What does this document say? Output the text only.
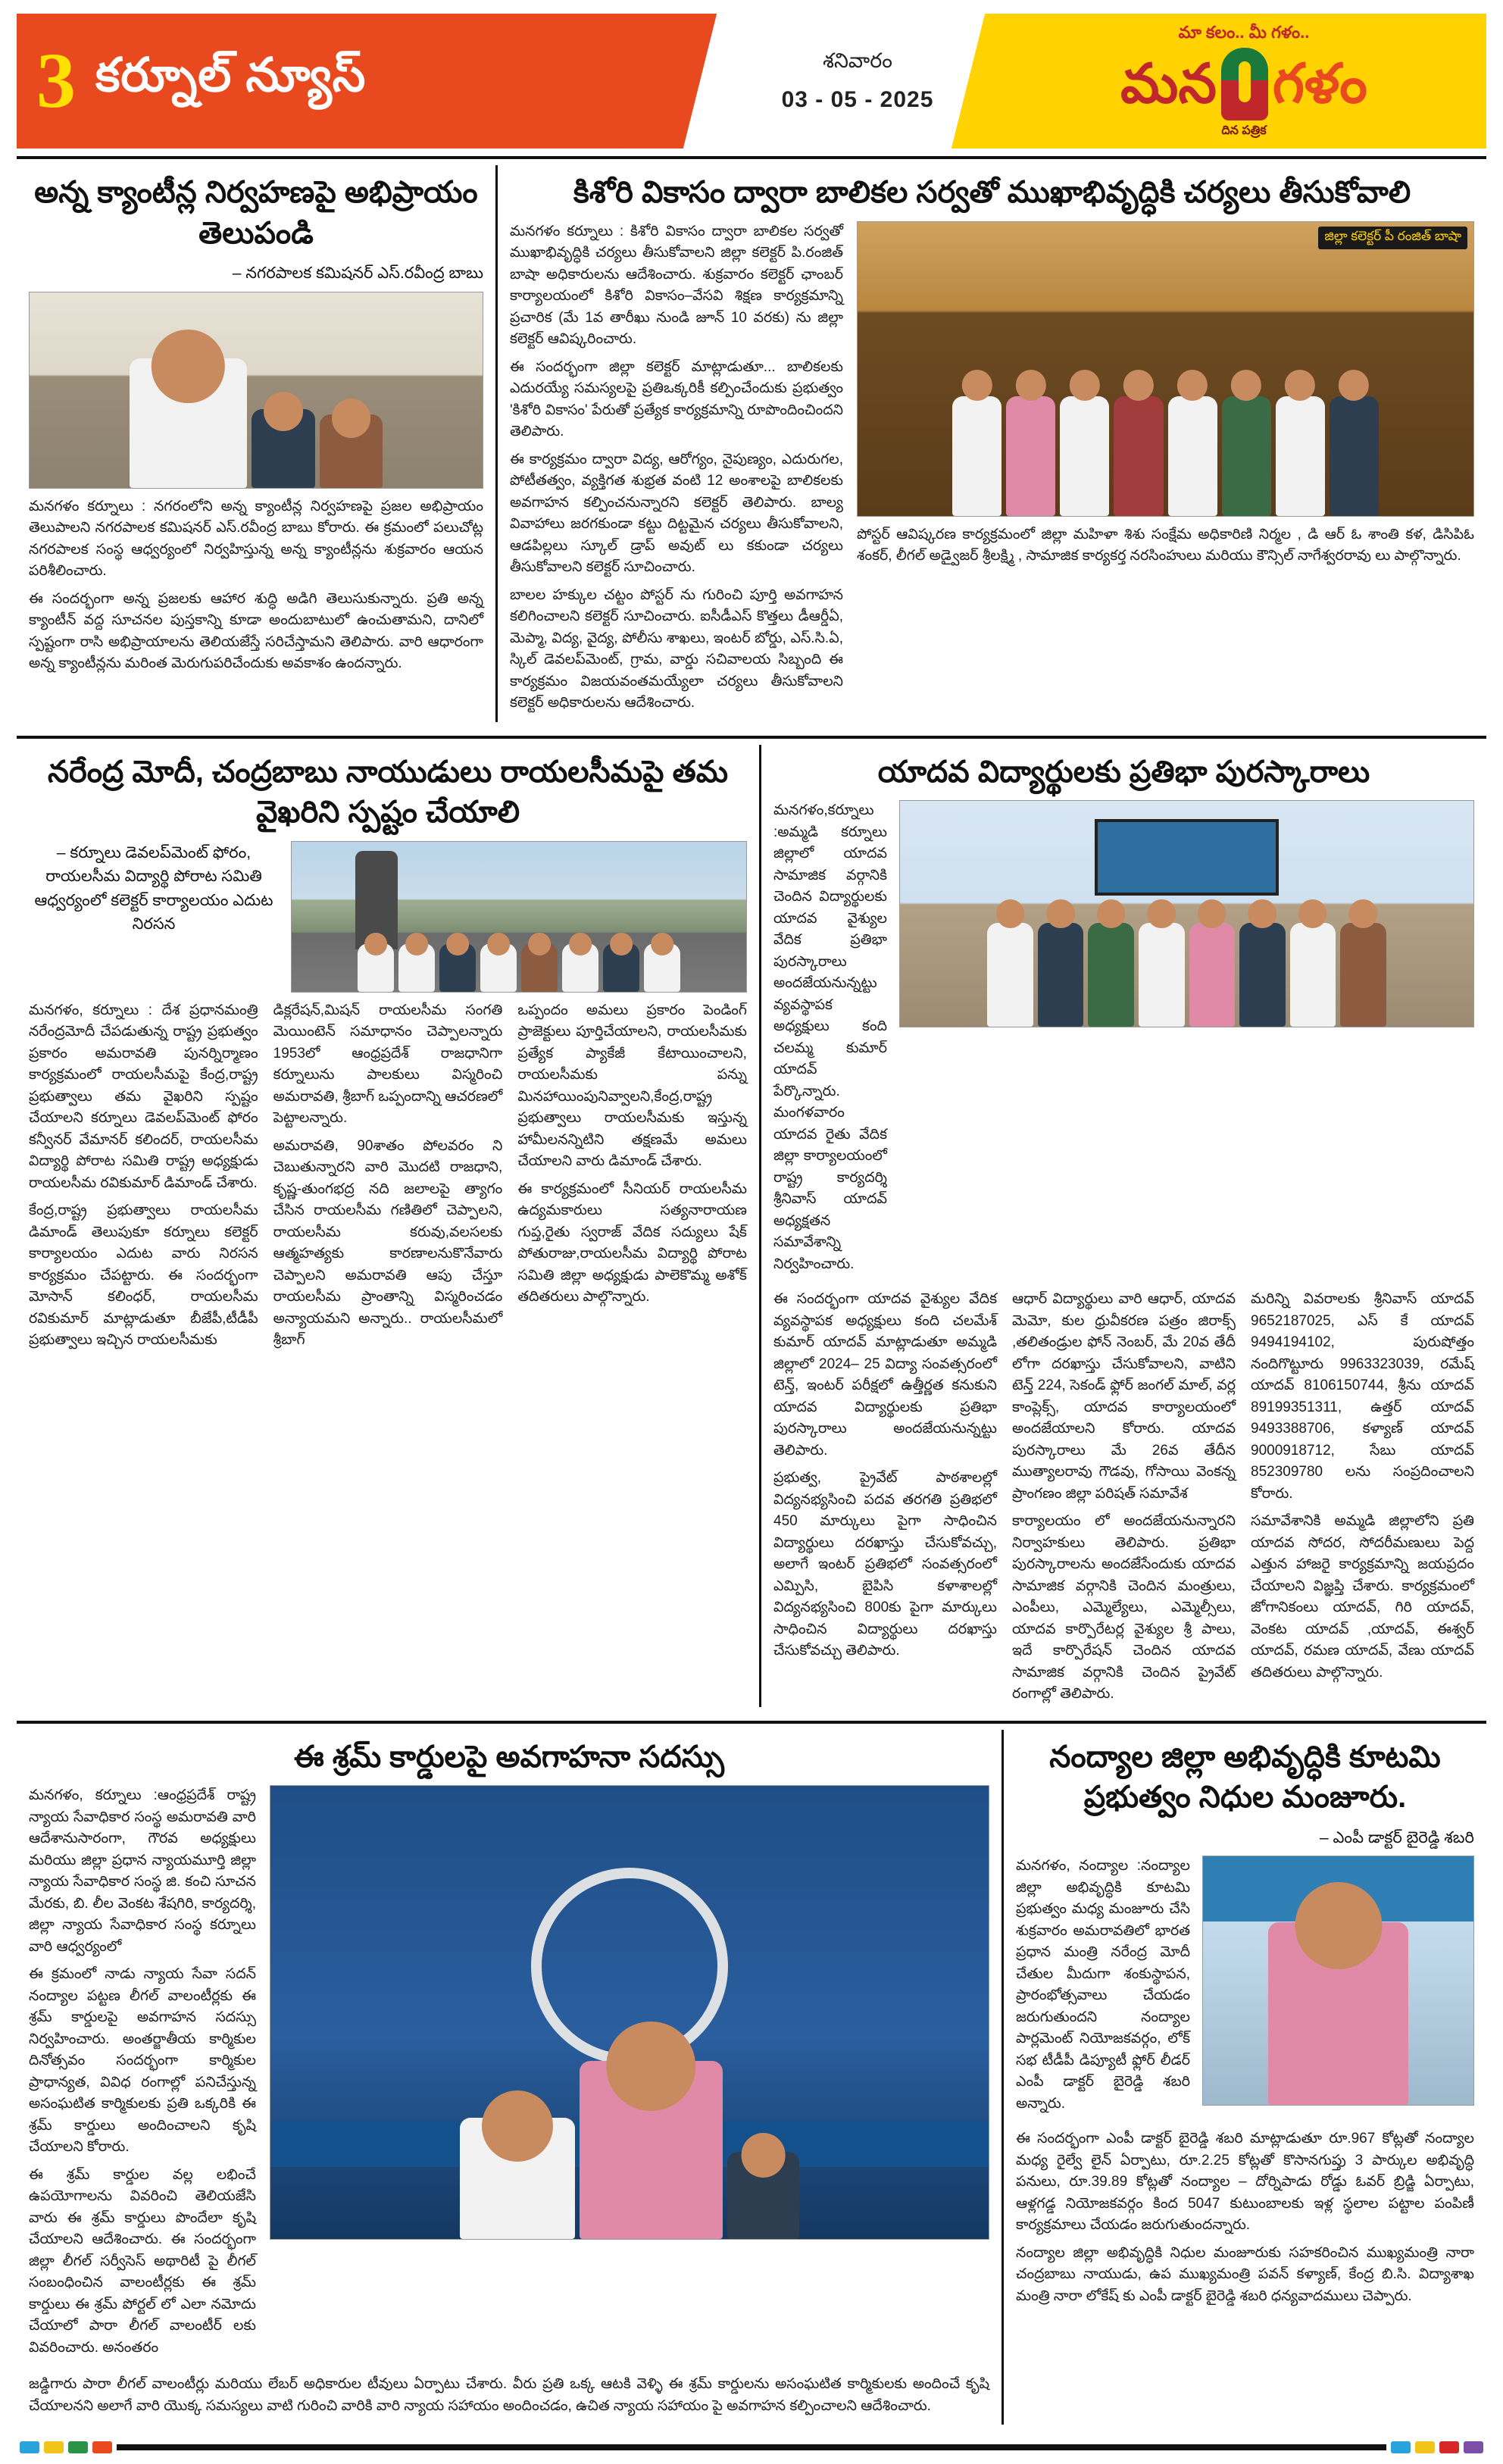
3 కర్నూల్ న్యూస్	శనివారం
03 - 05 - 2025
మా కలం.. మీ గళం..
మన గళం
దిన పత్రిక
అన్న క్యాంటీన్ల నిర్వహణపై అభిప్రాయం తెలుపండి
– నగరపాలక కమిషనర్ ఎస్.రవీంద్ర బాబు

మనగళం కర్నూలు : నగరంలోని అన్న క్యాంటీన్ల నిర్వహణపై ప్రజల అభిప్రాయం తెలుపాలని నగరపాలక కమిషనర్ ఎస్.రవీంద్ర బాబు కోరారు. ఈ క్రమంలో పలుచోట్ల నగరపాలక సంస్థ ఆధ్వర్యంలో నిర్వహిస్తున్న అన్న క్యాంటీన్లను శుక్రవారం ఆయన పరిశీలించారు.

ఈ సందర్భంగా అన్న ప్రజలకు ఆహార శుద్ధి అడిగి తెలుసుకున్నారు. ప్రతి అన్న క్యాంటీన్ వద్ద సూచనల పుస్తకాన్ని కూడా అందుబాటులో ఉంచుతామని, దానిలో స్పష్టంగా రాసి అభిప్రాయాలను తెలియజేస్తే సరిచేస్తామని తెలిపారు. వారి ఆధారంగా అన్న క్యాంటీన్లను మరింత మెరుగుపరిచేందుకు అవకాశం ఉందన్నారు.

కిశోరి వికాసం ద్వారా బాలికల సర్వతో ముఖాభివృద్ధికి చర్యలు తీసుకోవాలి

మనగళం కర్నూలు : కిశోరి వికాసం ద్వారా బాలికల సర్వతో ముఖాభివృద్ధికి చర్యలు తీసుకోవాలని జిల్లా కలెక్టర్ పి.రంజిత్ బాషా అధికారులను ఆదేశించారు. శుక్రవారం కలెక్టర్ ఛాంబర్ కార్యాలయంలో కిశోరి వికాసం–వేసవి శిక్షణ కార్యక్రమాన్ని ప్రచారిక (మే 1వ తారీఖు నుండి జూన్ 10 వరకు) ను జిల్లా కలెక్టర్ ఆవిష్కరించారు.

ఈ సందర్భంగా జిల్లా కలెక్టర్ మాట్లాడుతూ... బాలికలకు ఎదురయ్యే సమస్యలపై ప్రతిఒక్కరికీ కల్పించేందుకు ప్రభుత్వం 'కిశోరి వికాసం' పేరుతో ప్రత్యేక కార్యక్రమాన్ని రూపొందించిందని తెలిపారు.

ఈ కార్యక్రమం ద్వారా విద్య, ఆరోగ్యం, నైపుణ్యం, ఎదురుగల, పోటీతత్వం, వ్యక్తిగత శుభ్రత వంటి 12 అంశాలపై బాలికలకు అవగాహన కల్పించనున్నారని కలెక్టర్ తెలిపారు. బాల్య వివాహాలు జరగకుండా కట్టు దిట్టమైన చర్యలు తీసుకోవాలని, ఆడపిల్లలు స్కూల్ డ్రాప్ అవుట్ లు కకుండా చర్యలు తీసుకోవాలని కలెక్టర్ సూచించారు.

బాలల హక్కుల చట్టం పోస్టర్ ను గురించి పూర్తి అవగాహన కలిగించాలని కలెక్టర్ సూచించారు. ఐసీడీఎస్ కొత్తలు డీఆర్డీఏ, మెప్మా, విద్య, వైద్య, పోలీసు శాఖలు, ఇంటర్ బోర్డు, ఎస్.సి.ఏ, స్కిల్ డెవలప్‌మెంట్, గ్రామ, వార్డు సచివాలయ సిబ్బంది ఈ కార్యక్రమం విజయవంతమయ్యేలా చర్యలు తీసుకోవాలని కలెక్టర్ అధికారులను ఆదేశించారు.

జిల్లా కలెక్టర్ పీ రంజిత్ బాషా

పోస్టర్ ఆవిష్కరణ కార్యక్రమంలో జిల్లా మహిళా శిశు సంక్షేమ అధికారిణి నిర్మల , డి ఆర్ ఓ శాంతి కళ, డిసిపిఓ శంకర్, లీగల్ అడ్వైజర్ శ్రీలక్ష్మి , సామాజిక కార్యకర్త నరసింహులు మరియు కౌన్సిల్ నాగేశ్వరరావు లు పాల్గొన్నారు.

నరేంద్ర మోదీ, చంద్రబాబు నాయుడులు రాయలసీమపై తమ వైఖరిని స్పష్టం చేయాలి
– కర్నూలు డెవలప్‌మెంట్ ఫోరం, రాయలసీమ విద్యార్థి పోరాట సమితి ఆధ్వర్యంలో కలెక్టర్ కార్యాలయం ఎదుట నిరసన

మనగళం, కర్నూలు : దేశ ప్రధానమంత్రి నరేంద్రమోదీ చేపడుతున్న రాష్ట్ర ప్రభుత్వం ప్రకారం అమరావతి పునర్నిర్మాణం కార్యక్రమంలో రాయలసీమపై కేంద్ర,రాష్ట్ర ప్రభుత్వాలు తమ వైఖరిని స్పష్టం చేయాలని కర్నూలు డెవలప్‌మెంట్ ఫోరం కన్వీనర్ వేమానర్ కలిందర్, రాయలసీమ విద్యార్థి పోరాట సమితి రాష్ట్ర అధ్యక్షుడు రాయలసీమ రవికుమార్ డిమాండ్ చేశారు.

కేంద్ర,రాష్ట్ర ప్రభుత్వాలు రాయలసీమ డిమాండ్ తెలుపుకూ కర్నూలు కలెక్టర్ కార్యాలయం ఎదుట వారు నిరసన కార్యక్రమం చేపట్టారు. ఈ సందర్భంగా మోసాన్ కలింధర్, రాయలసీమ రవికుమార్ మాట్లాడుతూ బీజేపీ,టీడీపీ ప్రభుత్వాలు ఇచ్చిన రాయలసీమకు

డిక్లరేషన్,మిషన్ రాయలసీమ సంగతి మెయింటెన్ సమాధానం చెప్పాలన్నారు 1953లో ఆంధ్రప్రదేశ్ రాజధానిగా కర్నూలును పాలకులు విస్మరించి అమరావతి, శ్రీబాగ్ ఒప్పందాన్ని ఆచరణలో పెట్టాలన్నారు.

అమరావతి, 90శాతం పోలవరం ని చెబుతున్నారని వారి మొదటి రాజధాని, కృష్ణ-తుంగభద్ర నది జలాలపై త్యాగం చేసిన రాయలసీమ గణితిలో చెప్పాలని, రాయలసీమ కరువు,వలసలకు ఆత్మహత్యకు కారణాలనుకొనేవారు చెప్పాలని అమరావతి ఆపు చేస్తూ రాయలసీమ ప్రాంతాన్ని విస్మరించడం అన్యాయమని అన్నారు.. రాయలసీమలో శ్రీబాగ్

ఒప్పందం అమలు ప్రకారం పెండింగ్ ప్రాజెక్టులు పూర్తిచేయాలని, రాయలసీమకు ప్రత్యేక ప్యాకేజీ కేటాయించాలని, రాయలసీమకు పన్ను మినహాయింపునివ్వాలని,కేంద్ర,రాష్ట్ర ప్రభుత్వాలు రాయలసీమకు ఇస్తున్న హామీలనన్నిటిని తక్షణమే అమలు చేయాలని వారు డిమాండ్ చేశారు.

ఈ కార్యక్రమంలో సీనియర్ రాయలసీమ ఉద్యమకారులు సత్యనారాయణ గుప్త,రైతు స్వరాజ్ వేదిక సద్యులు షేక్ పోతురాజు,రాయలసీమ విద్యార్థి పోరాట సమితి జిల్లా అధ్యక్షుడు పాలెకొమ్మ అశోక్ తదితరులు పాల్గొన్నారు.

యాదవ విద్యార్థులకు ప్రతిభా పురస్కారాలు

మనగళం,కర్నూలు :అమ్మడి కర్నూలు జిల్లాలో యాదవ సామాజిక వర్గానికి చెందిన విద్యార్థులకు యాదవ వైశ్యుల వేదిక ప్రతిభా పురస్కారాలు అందజేయనున్నట్టు వ్యవస్థాపక అధ్యక్షులు కంది చలమ్మ కుమార్ యాదవ్ పేర్కొన్నారు. మంగళవారం యాదవ రైతు వేదిక జిల్లా కార్యాలయంలో రాష్ట్ర కార్యదర్శి శ్రీనివాస్ యాదవ్ అధ్యక్షతన సమావేశాన్ని నిర్వహించారు.

ఈ సందర్భంగా యాదవ వైశ్యుల వేదిక వ్యవస్థాపక అధ్యక్షులు కంది చలమేశ్ కుమార్ యాదవ్ మాట్లాడుతూ అమ్మడి జిల్లాలో 2024– 25 విద్యా సంవత్సరంలో టెన్త్, ఇంటర్ పరీక్షలో ఉత్తీర్ణత కనుకుని యాదవ విద్యార్థులకు ప్రతిభా పురస్కారాలు అందజేయనున్నట్టు తెలిపారు.

ప్రభుత్వ, ప్రైవేట్ పాఠశాలల్లో విద్యనభ్యసించి పదవ తరగతి ప్రతిభలో 450 మార్కులు పైగా సాధించిన విద్యార్థులు దరఖాస్తు చేసుకోవచ్చు, అలాగే ఇంటర్ ప్రతిభలో సంవత్సరంలో ఎమ్పిసి, బైపిసి కళాశాలల్లో విద్యనభ్యసించి 800కు పైగా మార్కులు సాధించిన విద్యార్థులు దరఖాస్తు చేసుకోవచ్చు తెలిపారు.

ఆధార్ విద్యార్థులు వారి ఆధార్, యాదవ మెమో, కుల ధ్రువీకరణ పత్రం జిరాక్స్ ,తలితండ్రుల ఫోన్ నెంబర్, మే 20వ తేదీ లోగా దరఖాస్తు చేసుకోవాలని, వాటిని టెన్త్ 224, సెకండ్ ఫ్లోర్ జంగల్ మాల్, వర్ల కాంప్లెక్స్, యాదవ కార్యాలయంలో అందజేయాలని కోరారు. యాదవ పురస్కారాలు మే 26వ తేదీన ముత్యాలరావు గౌడవు, గోసాయి వెంకన్న ప్రాంగణం జిల్లా పరిషత్ సమావేశ

కార్యాలయం లో అందజేయనున్నారని నిర్వాహకులు తెలిపారు. ప్రతిభా పురస్కారాలను అందజేసేందుకు యాదవ సామాజిక వర్గానికి చెందిన మంత్రులు, ఎంపీలు, ఎమ్మెల్యేలు, ఎమ్మెల్సీలు, యాదవ కార్పొరేటర్ల వైశ్యుల శ్రీ పాలు, ఇదే కార్పొరేషన్ చెందిన యాదవ సామాజిక వర్గానికి చెందిన ప్రైవేట్ రంగాల్లో తెలిపారు.

మరిన్ని వివరాలకు శ్రీనివాస్ యాదవ్ 9652187025, ఎస్ కే యాదవ్ 9494194102, పురుషోత్తం నందిగొట్టూరు 9963323039, రమేష్ యాదవ్ 8106150744, శ్రీను యాదవ్ 89199351311, ఉత్తర్ యాదవ్ 9493388706, కళ్యాణ్ యాదవ్ 9000918712, సేబు యాదవ్ 852309780 లను సంప్రదించాలని కోరారు.

సమావేశానికి అమ్మడి జిల్లాలోని ప్రతి యాదవ సోదర, సోదరీమణులు పెద్ద ఎత్తున హాజరై కార్యక్రమాన్ని జయప్రదం చేయాలని విజ్ఞప్తి చేశారు. కార్యక్రమంలో జోగానికంలు యాదవ్, గిరి యాదవ్, వెంకట యాదవ్ ,యాదవ్, ఈశ్వర్ యాదవ్, రమణ యాదవ్, వేణు యాదవ్ తదితరులు పాల్గొన్నారు.

ఈ శ్రమ్ కార్డులపై అవగాహనా సదస్సు

మనగళం, కర్నూలు :ఆంధ్రప్రదేశ్ రాష్ట్ర న్యాయ సేవాధికార సంస్థ అమరావతి వారి ఆదేశానుసారంగా, గౌరవ అధ్యక్షులు మరియు జిల్లా ప్రధాన న్యాయమూర్తి జిల్లా న్యాయ సేవాధికార సంస్థ జి. కంచి సూచన మేరకు, బి. లీల వెంకట శేషగిరి, కార్యదర్శి, జిల్లా న్యాయ సేవాధికార సంస్థ కర్నూలు వారి ఆధ్వర్యంలో

ఈ క్రమంలో నాడు న్యాయ సేవా సదన్ నంద్యాల పట్టణ లీగల్ వాలంటీర్లకు ఈ శ్రమ్ కార్డులపై అవగాహన సదస్సు నిర్వహించారు. అంతర్జాతీయ కార్మికుల దినోత్సవం సందర్భంగా కార్మికుల ప్రాధాన్యత, వివిధ రంగాల్లో పనిచేస్తున్న అసంఘటిత కార్మికులకు ప్రతి ఒక్కరికి ఈ శ్రమ్ కార్డులు అందించాలని కృషి చేయాలని కోరారు.

ఈ శ్రమ్ కార్డుల వల్ల లభించే ఉపయోగాలను వివరించి తెలియజేసి వారు ఈ శ్రమ్ కార్డులు పొందేలా కృషి చేయాలని ఆదేశించారు. ఈ సందర్భంగా జిల్లా లీగల్ సర్వీసెస్ అథారిటీ పై లీగల్ సంబంధించిన వాలంటీర్లకు ఈ శ్రమ్ కార్డులు ఈ శ్రమ్ పోర్టల్ లో ఎలా నమోదు చేయాలో పారా లీగల్ వాలంటీర్ లకు వివరించారు. అనంతరం

జడ్డిగారు పారా లీగల్ వాలంటీర్లు మరియు లేబర్ అధికారుల టీవులు ఏర్పాటు చేశారు. వీరు ప్రతి ఒక్క ఆటకి వెళ్ళి ఈ శ్రమ్ కార్డులను అసంఘటిత కార్మికులకు అందించే కృషి చేయాలనని అలాగే వారి యొక్క సమస్యలు వాటి గురించి వారికి వారి న్యాయ సహాయం అందించడం, ఉచిత న్యాయ సహాయం పై అవగాహన కల్పించాలని ఆదేశించారు.

నంద్యాల జిల్లా అభివృద్ధికి కూటమి ప్రభుత్వం నిధుల మంజూరు.
– ఎంపీ డాక్టర్ బైరెడ్డి శబరి

మనగళం, నంద్యాల :నంద్యాల జిల్లా అభివృద్ధికి కూటమి ప్రభుత్వం మధ్య మంజూరు చేసి శుక్రవారం అమరావతిలో భారత ప్రధాన మంత్రి నరేంద్ర మోదీ చేతుల మీదుగా శంకుస్థాపన, ప్రారంభోత్సవాలు చేయడం జరుగుతుందని నంద్యాల పార్లమెంట్ నియోజకవర్గం, లోక్ సభ టీడీపీ డిప్యూటీ ఫ్లోర్ లీడర్ ఎంపీ డాక్టర్ బైరెడ్డి శబరి అన్నారు.

ఈ సందర్భంగా ఎంపీ డాక్టర్ బైరెడ్డి శబరి మాట్లాడుతూ రూ.967 కోట్లతో నంద్యాల మధ్య రైల్వే లైన్ ఏర్పాటు, రూ.2.25 కోట్లతో కొసానగుప్తు 3 పార్కుల అభివృద్ధి పనులు, రూ.39.89 కోట్లతో నంద్యాల – దోర్నిపాడు రోడ్డు ఓవర్ బ్రిడ్జి ఏర్పాటు, ఆళ్లగడ్డ నియోజకవర్గం కింద 5047 కుటుంబాలకు ఇళ్ల స్థలాల పట్టాల పంపిణీ కార్యక్రమాలు చేయడం జరుగుతుందన్నారు.

నంద్యాల జిల్లా అభివృద్ధికి నిధుల మంజూరుకు సహకరించిన ముఖ్యమంత్రి నారా చంద్రబాబు నాయుడు, ఉప ముఖ్యమంత్రి పవన్ కళ్యాణ్, కేంద్ర బి.సి. విద్యాశాఖ మంత్రి నారా లోకేష్ కు ఎంపీ డాక్టర్ బైరెడ్డి శబరి ధన్యవాదములు చెప్పారు.
